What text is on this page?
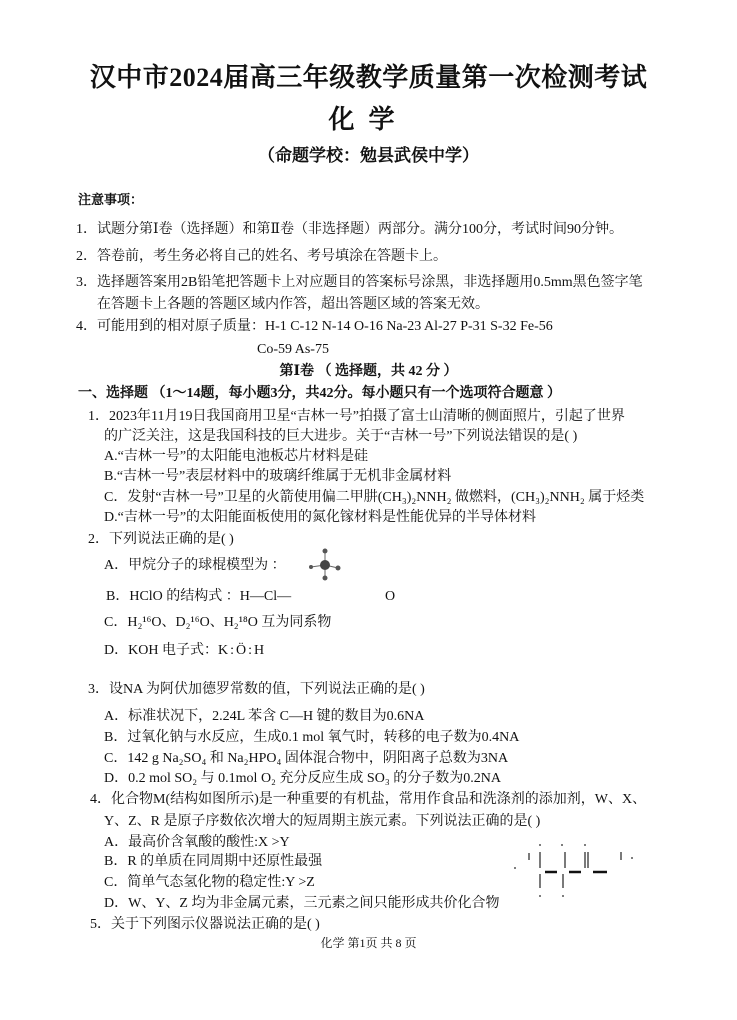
汉中市2024届高三年级教学质量第一次检测考试
化学
（命题学校：勉县武侯中学）
注意事项：
1．试题分第Ⅰ卷（选择题）和第Ⅱ卷（非选择题）两部分。满分100分，考试时间90分钟。
2．答卷前，考生务必将自己的姓名、考号填涂在答题卡上。
3．选择题答案用2B铅笔把答题卡上对应题目的答案标号涂黑，非选择题用0.5mm黑色签字笔
在答题卡上各题的答题区域内作答，超出答题区域的答案无效。
4．可能用到的相对原子质量：H-1 C-12 N-14 O-16 Na-23 Al-27 P-31 S-32 Fe-56
Co-59 As-75
第Ⅰ卷 （ 选择题，共 42 分 ）
一、选择题 （1～14题，每小题3分，共42分。每小题只有一个选项符合题意 ）
1．2023年11月19日我国商用卫星“吉林一号”拍摄了富士山清晰的侧面照片，引起了世界
的广泛关注，这是我国科技的巨大进步。关于“吉林一号”下列说法错误的是( )
A.“吉林一号”的太阳能电池板芯片材料是硅
B.“吉林一号”表层材料中的玻璃纤维属于无机非金属材料
C．发射“吉林一号”卫星的火箭使用偏二甲肼(CH₃)₂NNH₂ 做燃料，(CH₃)₂NNH₂ 属于烃类
D.“吉林一号”的太阳能面板使用的氮化镓材料是性能优异的半导体材料
2．下列说法正确的是( )
A．甲烷分子的球棍模型为 ：
B．HClO 的结构式 ：H—Cl—	O
C．H₂¹⁶O、D₂¹⁶O、H₂¹⁸O 互为同系物
D．KOH 电子式： K:Ö:H
3．设NA 为阿伏加德罗常数的值，下列说法正确的是( )
A．标准状况下，2.24L 苯含 C—H 键的数目为0.6NA
B．过氧化钠与水反应，生成0.1 mol 氧气时，转移的电子数为0.4NA
C．142 g Na₂SO₄ 和 Na₂HPO₄ 固体混合物中，阴阳离子总数为3NA
D．0.2 mol SO₂ 与 0.1mol O₂ 充分反应生成 SO₃ 的分子数为0.2NA
4．化合物M(结构如图所示)是一种重要的有机盐，常用作食品和洗涤剂的添加剂，W、X、
Y、Z、R 是原子序数依次增大的短周期主族元素。下列说法正确的是( )
A．最高价含氧酸的酸性:X >Y
B．R 的单质在同周期中还原性最强
C．简单气态氢化物的稳定性:Y >Z
D．W、Y、Z 均为非金属元素，三元素之间只能形成共价化合物
5．关于下列图示仪器说法正确的是( )
化学 第1页 共 8 页
